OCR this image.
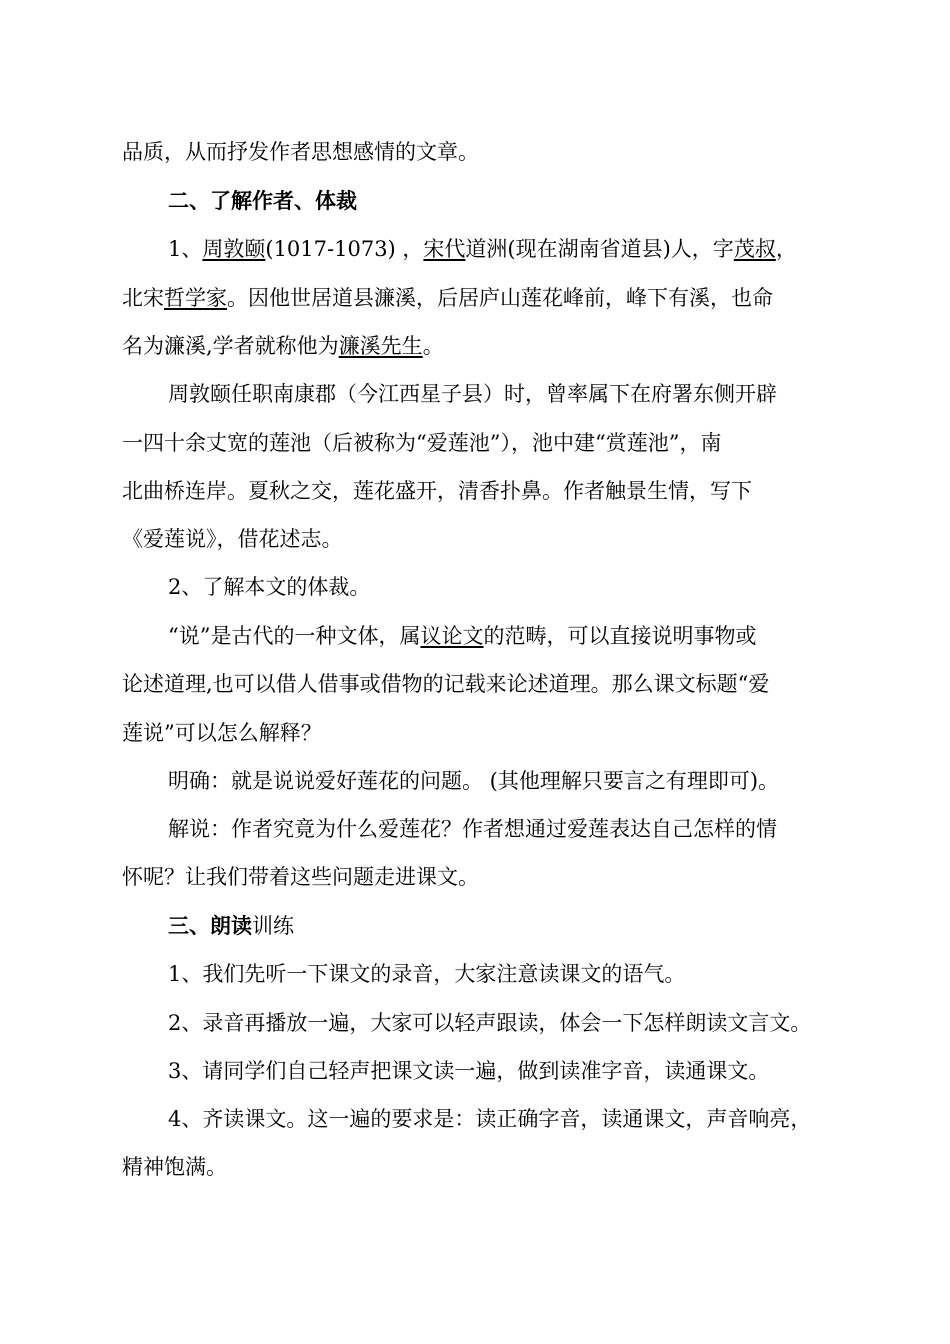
品质，从而抒发作者思想感情的文章。
二、了解作者、体裁
1、周敦颐(1017-1073) ，宋代道洲(现在湖南省道县)人，字茂叔，
北宋哲学家。因他世居道县濂溪，后居庐山莲花峰前，峰下有溪，也命
名为濂溪,学者就称他为濂溪先生。
周敦颐任职南康郡（今江西星子县）时，曾率属下在府署东侧开辟
一四十余丈宽的莲池（后被称为“爱莲池”），池中建“赏莲池”，南
北曲桥连岸。夏秋之交，莲花盛开，清香扑鼻。作者触景生情，写下
《爱莲说》，借花述志。
2、了解本文的体裁。
“说”是古代的一种文体，属议论文的范畴，可以直接说明事物或
论述道理,也可以借人借事或借物的记载来论述道理。那么课文标题“爱
莲说”可以怎么解释？
明确：就是说说爱好莲花的问题。 (其他理解只要言之有理即可)。
解说：作者究竟为什么爱莲花？作者想通过爱莲表达自己怎样的情
怀呢？让我们带着这些问题走进课文。
三、朗读训练
1、我们先听一下课文的录音，大家注意读课文的语气。
2、录音再播放一遍，大家可以轻声跟读，体会一下怎样朗读文言文。
3、请同学们自己轻声把课文读一遍，做到读准字音，读通课文。
4、齐读课文。这一遍的要求是：读正确字音，读通课文，声音响亮，
精神饱满。
